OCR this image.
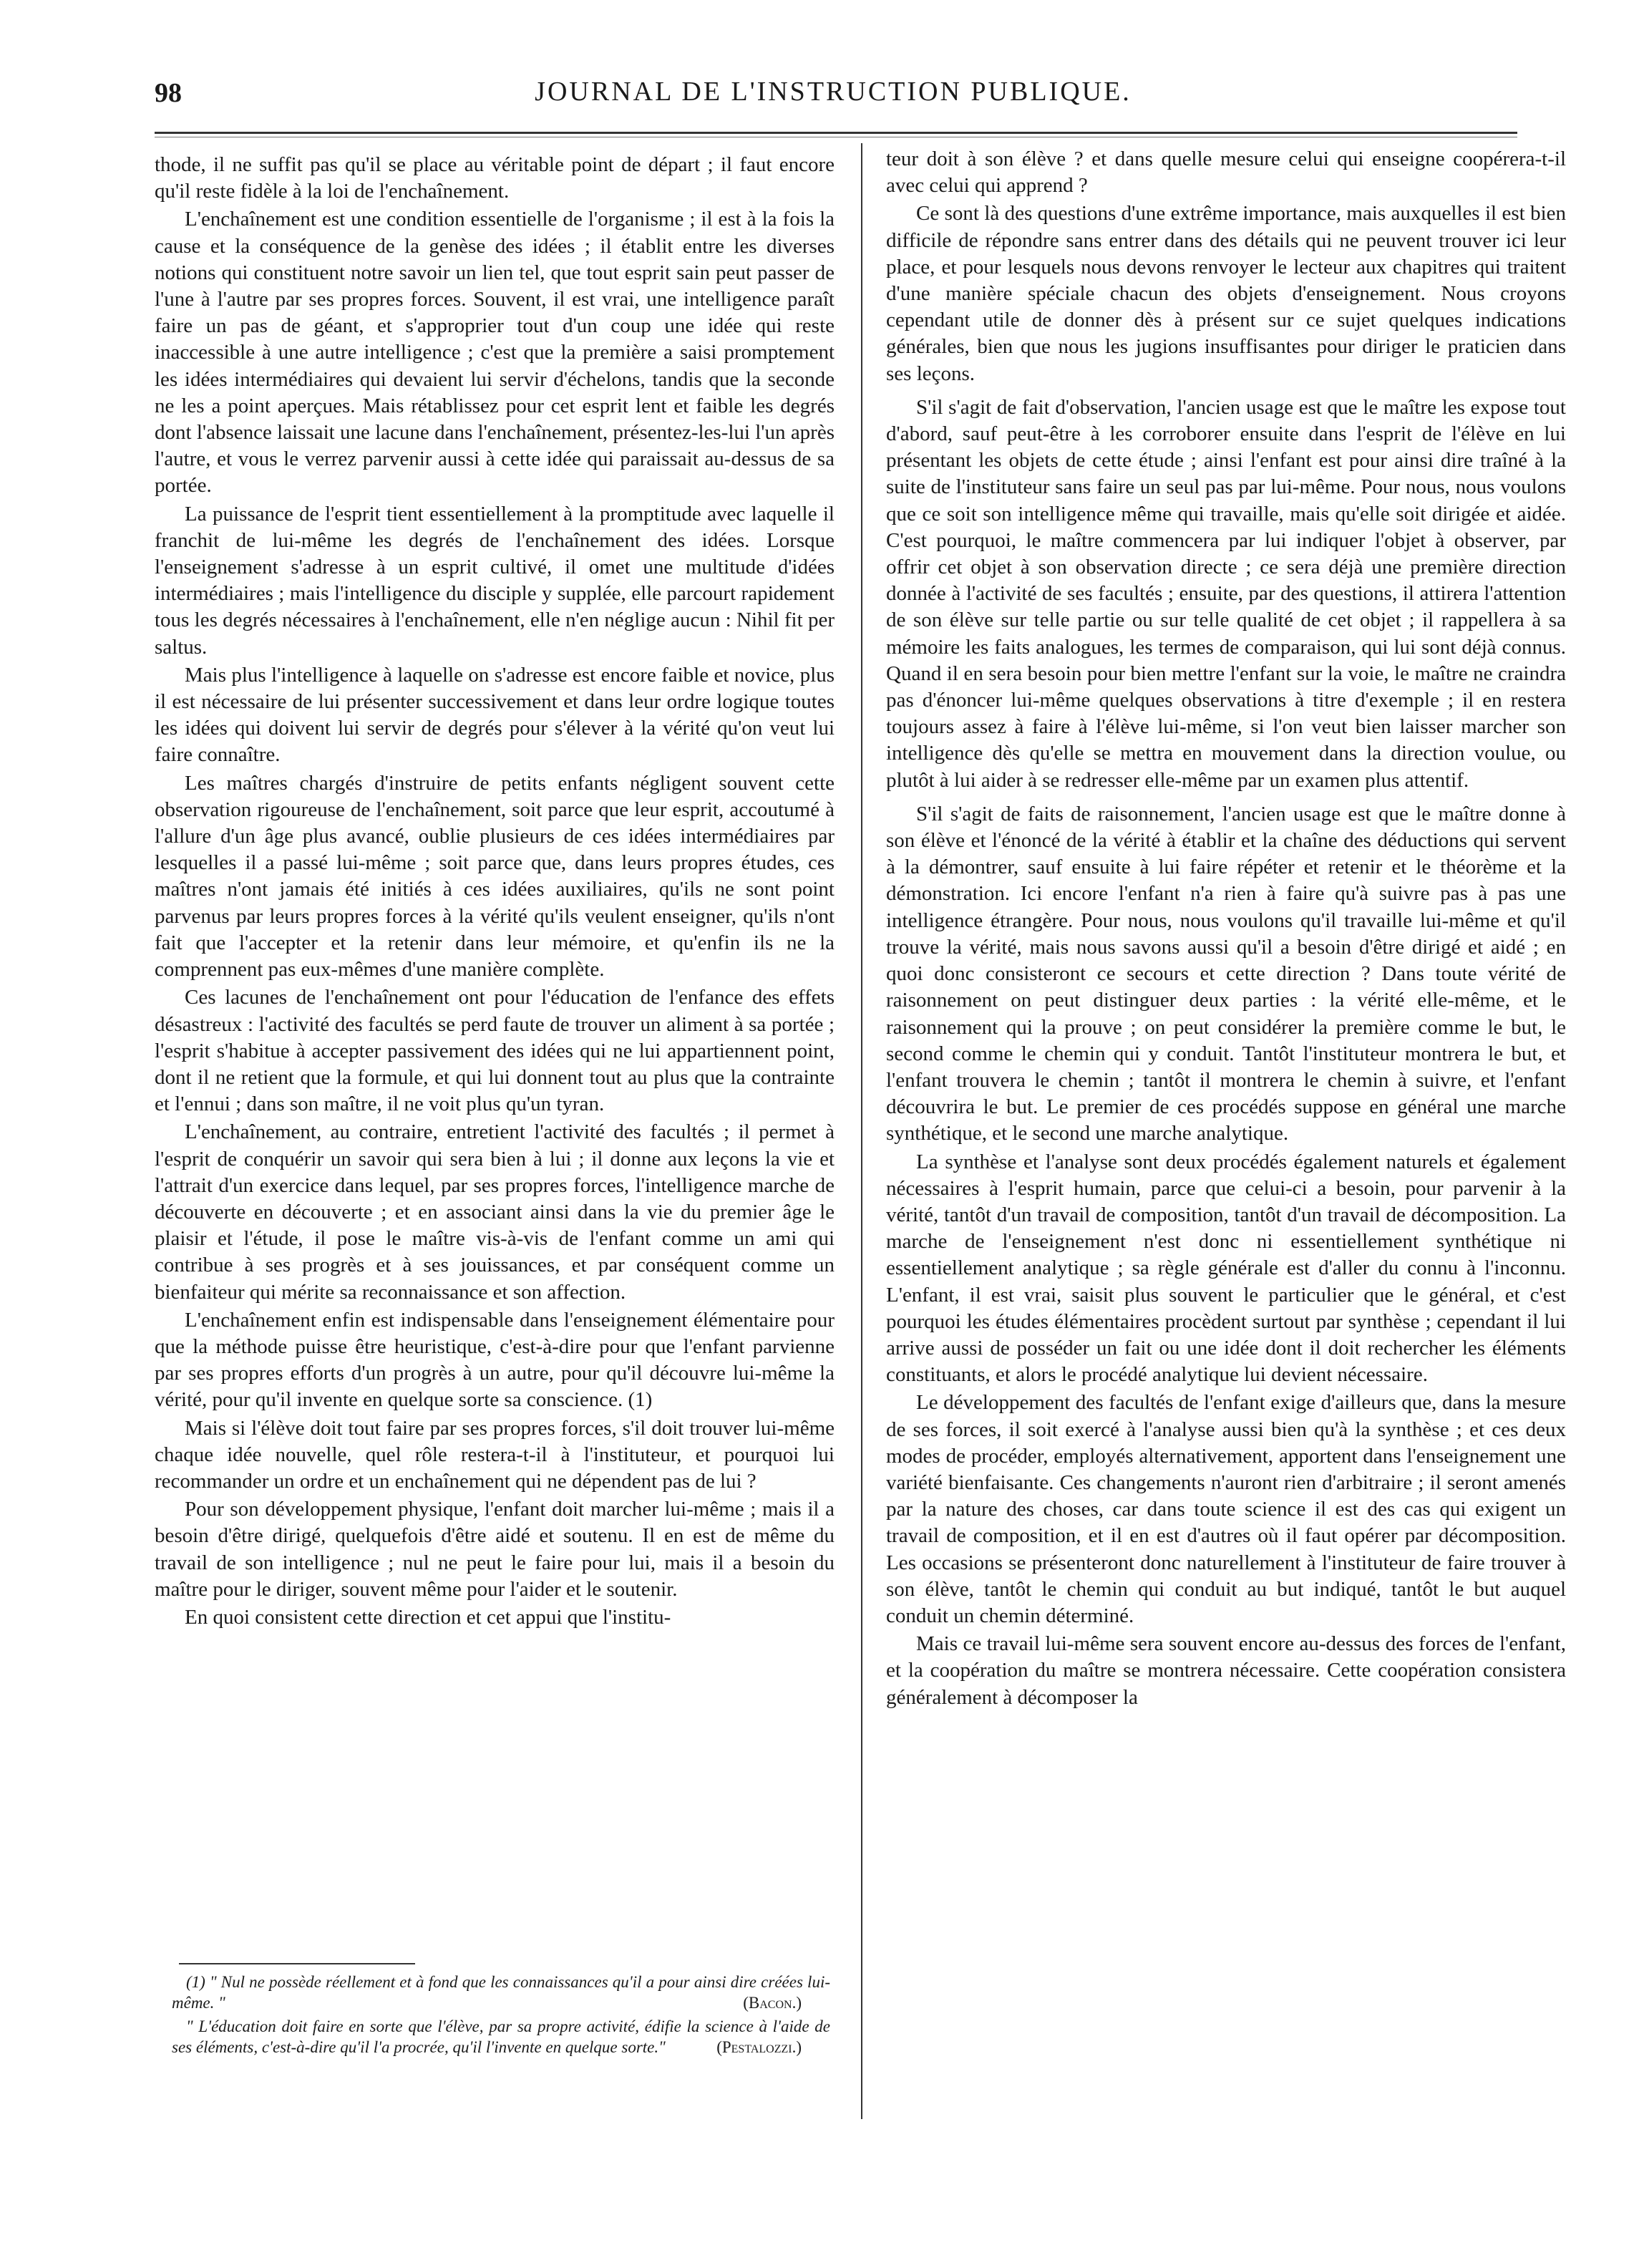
98	JOURNAL DE L'INSTRUCTION PUBLIQUE.

thode, il ne suffit pas qu'il se place au véritable point de départ ; il faut encore qu'il reste fidèle à la loi de l'enchaînement.

L'enchaînement est une condition essentielle de l'organisme ; il est à la fois la cause et la conséquence de la genèse des idées ; il établit entre les diverses notions qui constituent notre savoir un lien tel, que tout esprit sain peut passer de l'une à l'autre par ses propres forces. Souvent, il est vrai, une intelligence paraît faire un pas de géant, et s'approprier tout d'un coup une idée qui reste inaccessible à une autre intelligence ; c'est que la première a saisi promptement les idées intermédiaires qui devaient lui servir d'échelons, tandis que la seconde ne les a point aperçues. Mais rétablissez pour cet esprit lent et faible les degrés dont l'absence laissait une lacune dans l'enchaînement, présentez-les-lui l'un après l'autre, et vous le verrez parvenir aussi à cette idée qui paraissait au-dessus de sa portée.

La puissance de l'esprit tient essentiellement à la promptitude avec laquelle il franchit de lui-même les degrés de l'enchaînement des idées. Lorsque l'enseignement s'adresse à un esprit cultivé, il omet une multitude d'idées intermédiaires ; mais l'intelligence du disciple y supplée, elle parcourt rapidement tous les degrés nécessaires à l'enchaînement, elle n'en néglige aucun : Nihil fit per saltus.

Mais plus l'intelligence à laquelle on s'adresse est encore faible et novice, plus il est nécessaire de lui présenter successivement et dans leur ordre logique toutes les idées qui doivent lui servir de degrés pour s'élever à la vérité qu'on veut lui faire connaître.

Les maîtres chargés d'instruire de petits enfants négligent souvent cette observation rigoureuse de l'enchaînement, soit parce que leur esprit, accoutumé à l'allure d'un âge plus avancé, oublie plusieurs de ces idées intermédiaires par lesquelles il a passé lui-même ; soit parce que, dans leurs propres études, ces maîtres n'ont jamais été initiés à ces idées auxiliaires, qu'ils ne sont point parvenus par leurs propres forces à la vérité qu'ils veulent enseigner, qu'ils n'ont fait que l'accepter et la retenir dans leur mémoire, et qu'enfin ils ne la comprennent pas eux-mêmes d'une manière complète.

Ces lacunes de l'enchaînement ont pour l'éducation de l'enfance des effets désastreux : l'activité des facultés se perd faute de trouver un aliment à sa portée ; l'esprit s'habitue à accepter passivement des idées qui ne lui appartiennent point, dont il ne retient que la formule, et qui lui donnent tout au plus que la contrainte et l'ennui ; dans son maître, il ne voit plus qu'un tyran.

L'enchaînement, au contraire, entretient l'activité des facultés ; il permet à l'esprit de conquérir un savoir qui sera bien à lui ; il donne aux leçons la vie et l'attrait d'un exercice dans lequel, par ses propres forces, l'intelligence marche de découverte en découverte ; et en associant ainsi dans la vie du premier âge le plaisir et l'étude, il pose le maître vis-à-vis de l'enfant comme un ami qui contribue à ses progrès et à ses jouissances, et par conséquent comme un bienfaiteur qui mérite sa reconnaissance et son affection.

L'enchaînement enfin est indispensable dans l'enseignement élémentaire pour que la méthode puisse être heuristique, c'est-à-dire pour que l'enfant parvienne par ses propres efforts d'un progrès à un autre, pour qu'il découvre lui-même la vérité, pour qu'il invente en quelque sorte sa conscience. (1)

Mais si l'élève doit tout faire par ses propres forces, s'il doit trouver lui-même chaque idée nouvelle, quel rôle restera-t-il à l'instituteur, et pourquoi lui recommander un ordre et un enchaînement qui ne dépendent pas de lui ?

Pour son développement physique, l'enfant doit marcher lui-même ; mais il a besoin d'être dirigé, quelquefois d'être aidé et soutenu. Il en est de même du travail de son intelligence ; nul ne peut le faire pour lui, mais il a besoin du maître pour le diriger, souvent même pour l'aider et le soutenir.

En quoi consistent cette direction et cet appui que l'institu-

(1) " Nul ne possède réellement et à fond que les connaissances qu'il a pour ainsi dire créées lui-même. "	(Bacon.)

" L'éducation doit faire en sorte que l'élève, par sa propre activité, édifie la science à l'aide de ses éléments, c'est-à-dire qu'il l'a procrée, qu'il l'invente en quelque sorte."	(Pestalozzi.)

teur doit à son élève ? et dans quelle mesure celui qui enseigne coopérera-t-il avec celui qui apprend ?

Ce sont là des questions d'une extrême importance, mais auxquelles il est bien difficile de répondre sans entrer dans des détails qui ne peuvent trouver ici leur place, et pour lesquels nous devons renvoyer le lecteur aux chapitres qui traitent d'une manière spéciale chacun des objets d'enseignement. Nous croyons cependant utile de donner dès à présent sur ce sujet quelques indications générales, bien que nous les jugions insuffisantes pour diriger le praticien dans ses leçons.

S'il s'agit de fait d'observation, l'ancien usage est que le maître les expose tout d'abord, sauf peut-être à les corroborer ensuite dans l'esprit de l'élève en lui présentant les objets de cette étude ; ainsi l'enfant est pour ainsi dire traîné à la suite de l'instituteur sans faire un seul pas par lui-même. Pour nous, nous voulons que ce soit son intelligence même qui travaille, mais qu'elle soit dirigée et aidée. C'est pourquoi, le maître commencera par lui indiquer l'objet à observer, par offrir cet objet à son observation directe ; ce sera déjà une première direction donnée à l'activité de ses facultés ; ensuite, par des questions, il attirera l'attention de son élève sur telle partie ou sur telle qualité de cet objet ; il rappellera à sa mémoire les faits analogues, les termes de comparaison, qui lui sont déjà connus. Quand il en sera besoin pour bien mettre l'enfant sur la voie, le maître ne craindra pas d'énoncer lui-même quelques observations à titre d'exemple ; il en restera toujours assez à faire à l'élève lui-même, si l'on veut bien laisser marcher son intelligence dès qu'elle se mettra en mouvement dans la direction voulue, ou plutôt à lui aider à se redresser elle-même par un examen plus attentif.

S'il s'agit de faits de raisonnement, l'ancien usage est que le maître donne à son élève et l'énoncé de la vérité à établir et la chaîne des déductions qui servent à la démontrer, sauf ensuite à lui faire répéter et retenir et le théorème et la démonstration. Ici encore l'enfant n'a rien à faire qu'à suivre pas à pas une intelligence étrangère. Pour nous, nous voulons qu'il travaille lui-même et qu'il trouve la vérité, mais nous savons aussi qu'il a besoin d'être dirigé et aidé ; en quoi donc consisteront ce secours et cette direction ? Dans toute vérité de raisonnement on peut distinguer deux parties : la vérité elle-même, et le raisonnement qui la prouve ; on peut considérer la première comme le but, le second comme le chemin qui y conduit. Tantôt l'instituteur montrera le but, et l'enfant trouvera le chemin ; tantôt il montrera le chemin à suivre, et l'enfant découvrira le but. Le premier de ces procédés suppose en général une marche synthétique, et le second une marche analytique.

La synthèse et l'analyse sont deux procédés également naturels et également nécessaires à l'esprit humain, parce que celui-ci a besoin, pour parvenir à la vérité, tantôt d'un travail de composition, tantôt d'un travail de décomposition. La marche de l'enseignement n'est donc ni essentiellement synthétique ni essentiellement analytique ; sa règle générale est d'aller du connu à l'inconnu. L'enfant, il est vrai, saisit plus souvent le particulier que le général, et c'est pourquoi les études élémentaires procèdent surtout par synthèse ; cependant il lui arrive aussi de posséder un fait ou une idée dont il doit rechercher les éléments constituants, et alors le procédé analytique lui devient nécessaire.

Le développement des facultés de l'enfant exige d'ailleurs que, dans la mesure de ses forces, il soit exercé à l'analyse aussi bien qu'à la synthèse ; et ces deux modes de procéder, employés alternativement, apportent dans l'enseignement une variété bienfaisante. Ces changements n'auront rien d'arbitraire ; il seront amenés par la nature des choses, car dans toute science il est des cas qui exigent un travail de composition, et il en est d'autres où il faut opérer par décomposition. Les occasions se présenteront donc naturellement à l'instituteur de faire trouver à son élève, tantôt le chemin qui conduit au but indiqué, tantôt le but auquel conduit un chemin déterminé.

Mais ce travail lui-même sera souvent encore au-dessus des forces de l'enfant, et la coopération du maître se montrera nécessaire. Cette coopération consistera généralement à décomposer la
